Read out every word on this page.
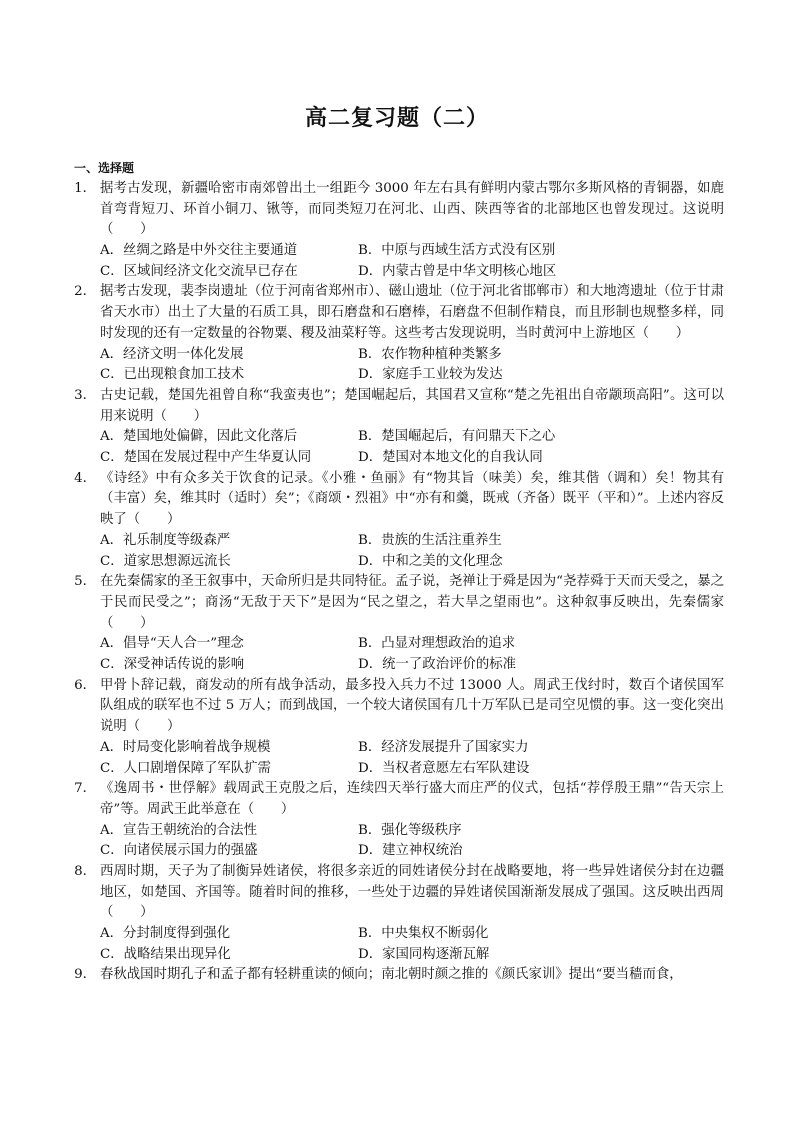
高二复习题（二）
一、选择题
1． 据考古发现，新疆哈密市南郊曾出土一组距今 3000 年左右具有鲜明内蒙古鄂尔多斯风格的青铜器，如鹿首弯背短刀、环首小铜刀、锹等，而同类短刀在河北、山西、陕西等省的北部地区也曾发现过。这说明（　　）
A．丝绸之路是中外交往主要通道	B．中原与西域生活方式没有区别
C．区域间经济文化交流早已存在	D．内蒙古曾是中华文明核心地区
2． 据考古发现，裴李岗遗址（位于河南省郑州市）、磁山遗址（位于河北省邯郸市）和大地湾遗址（位于甘肃省天水市）出土了大量的石质工具，即石磨盘和石磨棒，石磨盘不但制作精良，而且形制也规整多样，同时发现的还有一定数量的谷物粟、稷及油菜籽等。这些考古发现说明，当时黄河中上游地区（　　）
A．经济文明一体化发展	B．农作物种植种类繁多
C．已出现粮食加工技术	D．家庭手工业较为发达
3． 古史记载，楚国先祖曾自称“我蛮夷也”；楚国崛起后，其国君又宣称“楚之先祖出自帝颛顼高阳”。这可以用来说明（　　）
A．楚国地处偏僻，因此文化落后	B．楚国崛起后，有问鼎天下之心
C．楚国在发展过程中产生华夏认同	D．楚国对本地文化的自我认同
4． 《诗经》中有众多关于饮食的记录。《小雅・鱼丽》有“物其旨（味美）矣，维其偕（调和）矣！物其有（丰富）矣，维其时（适时）矣”；《商颂・烈祖》中“亦有和羹，既戒（齐备）既平（平和）”。上述内容反映了（　　）
A．礼乐制度等级森严	B．贵族的生活注重养生
C．道家思想源远流长	D．中和之美的文化理念
5． 在先秦儒家的圣王叙事中，天命所归是共同特征。孟子说，尧禅让于舜是因为“尧荐舜于天而天受之，暴之于民而民受之”；商汤“无敌于天下”是因为“民之望之，若大旱之望雨也”。这种叙事反映出，先秦儒家（　　）
A．倡导“天人合一”理念	B．凸显对理想政治的追求
C．深受神话传说的影响	D．统一了政治评价的标准
6． 甲骨卜辞记载，商发动的所有战争活动，最多投入兵力不过 13000 人。周武王伐纣时，数百个诸侯国军队组成的联军也不过 5 万人；而到战国，一个较大诸侯国有几十万军队已是司空见惯的事。这一变化突出说明（　　）
A．时局变化影响着战争规模	B．经济发展提升了国家实力
C．人口剧增保障了军队扩需	D．当权者意愿左右军队建设
7． 《逸周书・世俘解》载周武王克殷之后，连续四天举行盛大而庄严的仪式，包括“荐俘殷王鼎”“告天宗上帝”等。周武王此举意在（　　）
A．宣告王朝统治的合法性	B．强化等级秩序
C．向诸侯展示国力的强盛	D．建立神权统治
8． 西周时期，天子为了制衡异姓诸侯，将很多亲近的同姓诸侯分封在战略要地，将一些异姓诸侯分封在边疆地区，如楚国、齐国等。随着时间的推移，一些处于边疆的异姓诸侯国渐渐发展成了强国。这反映出西周（　　）
A．分封制度得到强化	B．中央集权不断弱化
C．战略结果出现异化	D．家国同构逐渐瓦解
9． 春秋战国时期孔子和孟子都有轻耕重读的倾向；南北朝时颜之推的《颜氏家训》提出“要当穑而食，
